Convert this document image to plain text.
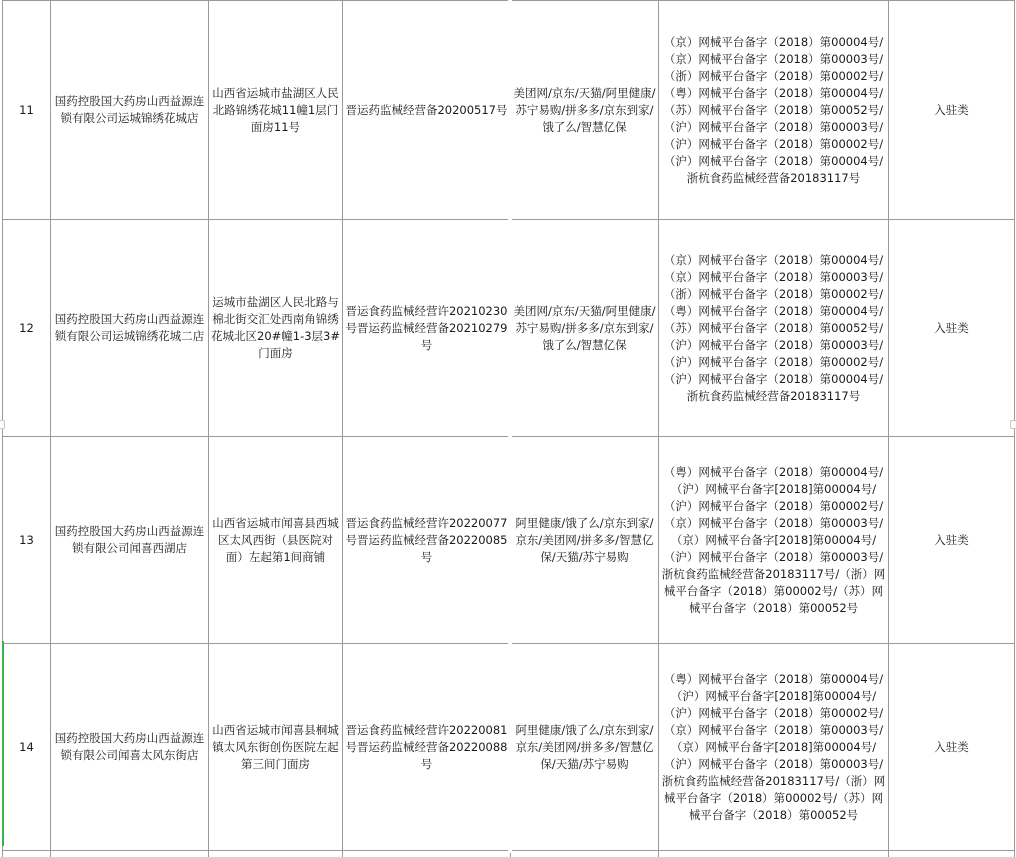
11	国药控股国大药房山西益源连锁有限公司运城锦绣花城店	山西省运城市盐湖区人民北路锦绣花城11幢1层门面房11号	晋运药监械经营备20200517号	美团网/京东/天猫/阿里健康/苏宁易购/拼多多/京东到家/饿了么/智慧亿保	（京）网械平台备字（2018）第00004号/（京）网械平台备字（2018）第00003号/（浙）网械平台备字（2018）第00002号/（粤）网械平台备字（2018）第00004号/（苏）网械平台备字（2018）第00052号/（沪）网械平台备字（2018）第00003号/（沪）网械平台备字（2018）第00002号/（沪）网械平台备字（2018）第00004号/浙杭食药监械经营备20183117号	入驻类
12	国药控股国大药房山西益源连锁有限公司运城锦绣花城二店	运城市盐湖区人民北路与棉北街交汇处西南角锦绣花城北区20#幢1-3层3#门面房	晋运食药监械经营许20210230号晋运药监械经营备20210279号	美团网/京东/天猫/阿里健康/苏宁易购/拼多多/京东到家/饿了么/智慧亿保	（京）网械平台备字（2018）第00004号/（京）网械平台备字（2018）第00003号/（浙）网械平台备字（2018）第00002号/（粤）网械平台备字（2018）第00004号/（苏）网械平台备字（2018）第00052号/（沪）网械平台备字（2018）第00003号/（沪）网械平台备字（2018）第00002号/（沪）网械平台备字（2018）第00004号/浙杭食药监械经营备20183117号	入驻类
13	国药控股国大药房山西益源连锁有限公司闻喜西湖店	山西省运城市闻喜县西城区太风西街（县医院对面）左起第1间商铺	晋运食药监械经营许20220077号晋运药监械经营备20220085号	阿里健康/饿了么/京东到家/京东/美团网/拼多多/智慧亿保/天猫/苏宁易购	（粤）网械平台备字（2018）第00004号/（沪）网械平台备字[2018]第00004号/（沪）网械平台备字（2018）第00002号/（京）网械平台备字（2018）第00003号/（京）网械平台备字[2018]第00004号/（沪）网械平台备字（2018）第00003号/浙杭食药监械经营备20183117号/（浙）网械平台备字（2018）第00002号/（苏）网械平台备字（2018）第00052号	入驻类
14	国药控股国大药房山西益源连锁有限公司闻喜太风东街店	山西省运城市闻喜县桐城镇太风东街创伤医院左起第三间门面房	晋运食药监械经营许20220081号晋运药监械经营备20220088号	阿里健康/饿了么/京东到家/京东/美团网/拼多多/智慧亿保/天猫/苏宁易购	（粤）网械平台备字（2018）第00004号/（沪）网械平台备字[2018]第00004号/（沪）网械平台备字（2018）第00002号/（京）网械平台备字（2018）第00003号/（京）网械平台备字[2018]第00004号/（沪）网械平台备字（2018）第00003号/浙杭食药监械经营备20183117号/（浙）网械平台备字（2018）第00002号/（苏）网械平台备字（2018）第00052号	入驻类
